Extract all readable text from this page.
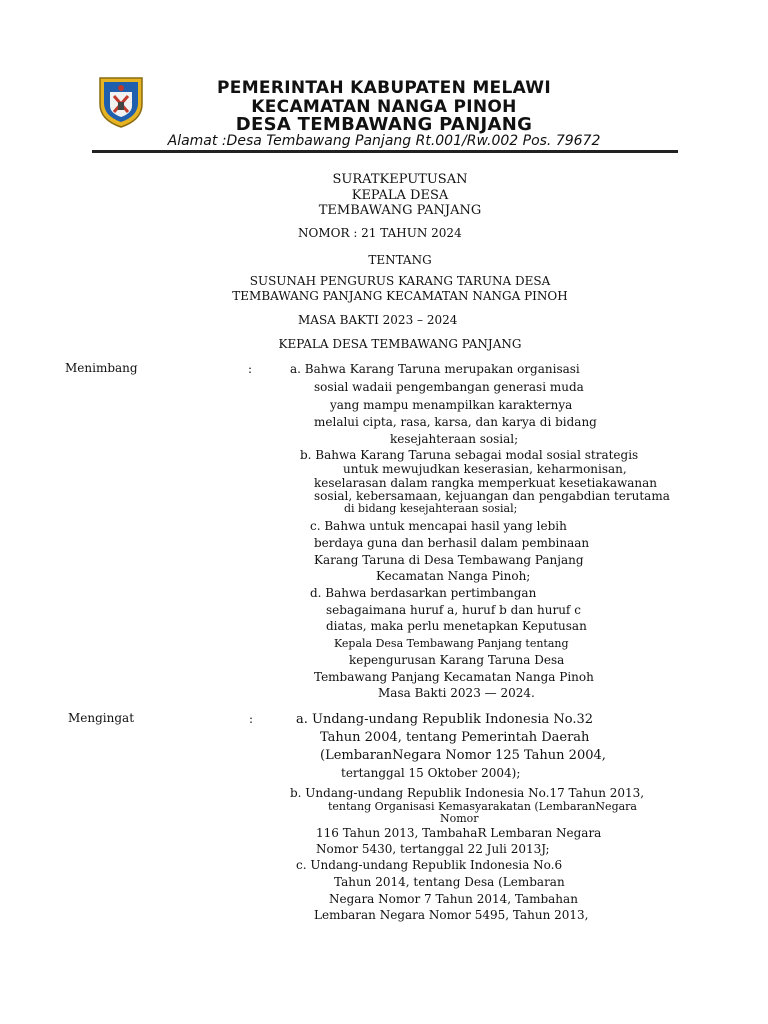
PEMERINTAH KABUPATEN MELAWI
KECAMATAN NANGA PINOH
DESA TEMBAWANG PANJANG
Alamat :Desa Tembawang Panjang Rt.001/Rw.002 Pos. 79672
SURATKEPUTUSAN
KEPALA DESA
TEMBAWANG PANJANG
NOMOR : 21 TAHUN 2024
TENTANG
SUSUNAH PENGURUS KARANG TARUNA DESA
TEMBAWANG PANJANG KECAMATAN NANGA PINOH
MASA BAKTI 2023 – 2024
KEPALA DESA TEMBAWANG PANJANG
Menimbang	:	a. Bahwa Karang Taruna merupakan organisasi
sosial wadaii pengembangan generasi muda
yang mampu menampilkan karakternya
melalui cipta, rasa, karsa, dan karya di bidang
kesejahteraan sosial;
b. Bahwa Karang Taruna sebagai modal sosial strategis
untuk mewujudkan keserasian, keharmonisan,
keselarasan dalam rangka memperkuat kesetiakawanan
sosial, kebersamaan, kejuangan dan pengabdian terutama
di bidang kesejahteraan sosial;
c. Bahwa untuk mencapai hasil yang lebih
berdaya guna dan berhasil dalam pembinaan
Karang Taruna di Desa Tembawang Panjang
Kecamatan Nanga Pinoh;
d. Bahwa berdasarkan pertimbangan
sebagaimana huruf a, huruf b dan huruf c
diatas, maka perlu menetapkan Keputusan
Kepala Desa Tembawang Panjang tentang
kepengurusan Karang Taruna Desa
Tembawang Panjang Kecamatan Nanga Pinoh
Masa Bakti 2023 — 2024.
Mengingat	:	a. Undang-undang Republik Indonesia No.32
Tahun 2004, tentang Pemerintah Daerah
(LembaranNegara Nomor 125 Tahun 2004,
tertanggal 15 Oktober 2004);
b. Undang-undang Republik Indonesia No.17 Tahun 2013,
tentang Organisasi Kemasyarakatan (LembaranNegara
Nomor
116 Tahun 2013, TambahaR Lembaran Negara
Nomor 5430, tertanggal 22 Juli 2013J;
c. Undang-undang Republik Indonesia No.6
Tahun 2014, tentang Desa (Lembaran
Negara Nomor 7 Tahun 2014, Tambahan
Lembaran Negara Nomor 5495, Tahun 2013,
